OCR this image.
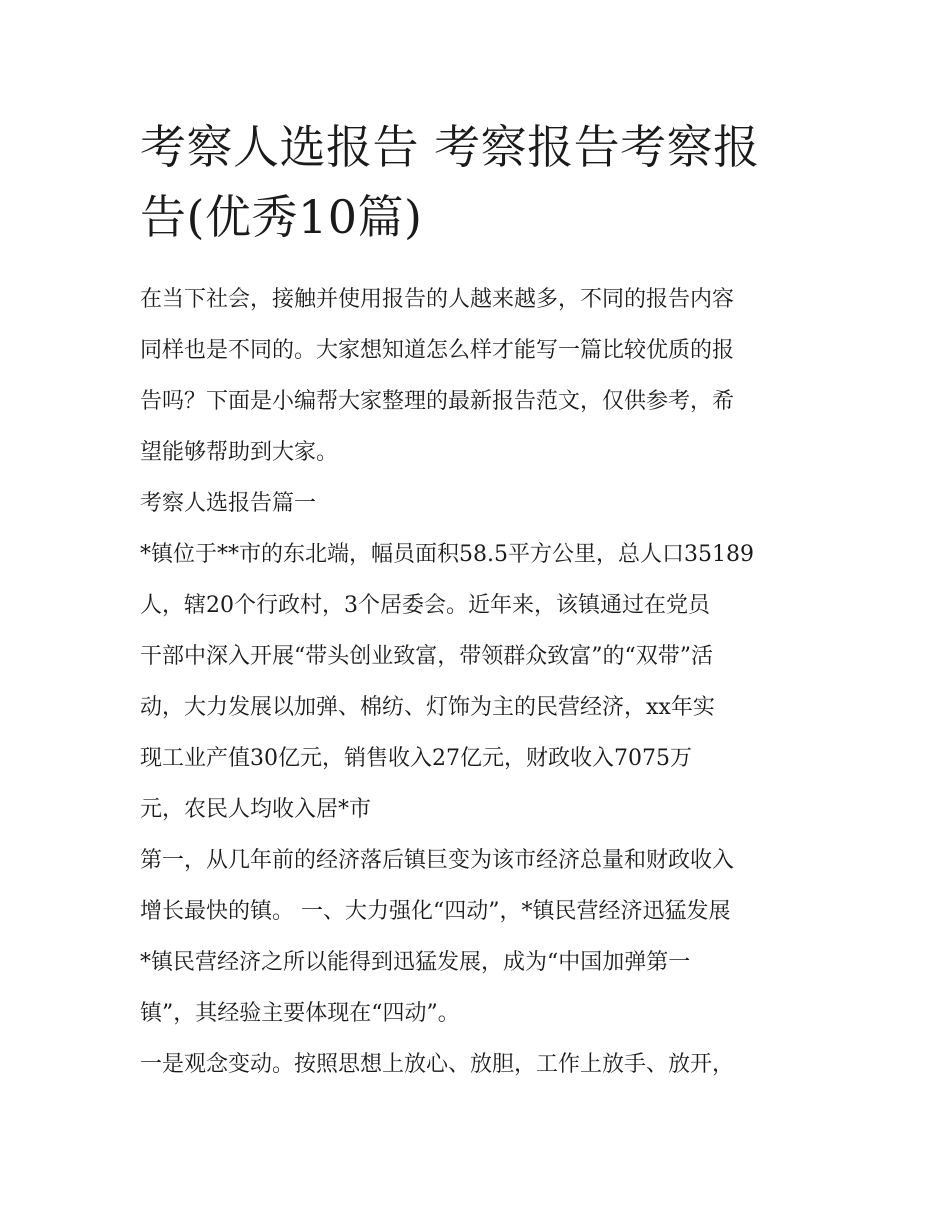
考察人选报告 考察报告考察报
告(优秀10篇)
在当下社会，接触并使用报告的人越来越多，不同的报告内容
同样也是不同的。大家想知道怎么样才能写一篇比较优质的报
告吗？下面是小编帮大家整理的最新报告范文，仅供参考，希
望能够帮助到大家。
考察人选报告篇一
*镇位于**市的东北端，幅员面积58.5平方公里，总人口35189
人，辖20个行政村，3个居委会。近年来，该镇通过在党员
干部中深入开展“带头创业致富，带领群众致富”的“双带”活
动，大力发展以加弹、棉纺、灯饰为主的民营经济，xx年实
现工业产值30亿元，销售收入27亿元，财政收入7075万
元，农民人均收入居*市
第一，从几年前的经济落后镇巨变为该市经济总量和财政收入
增长最快的镇。 一、大力强化“四动”，*镇民营经济迅猛发展
*镇民营经济之所以能得到迅猛发展，成为“中国加弹第一
镇”，其经验主要体现在“四动”。
一是观念变动。按照思想上放心、放胆，工作上放手、放开，
